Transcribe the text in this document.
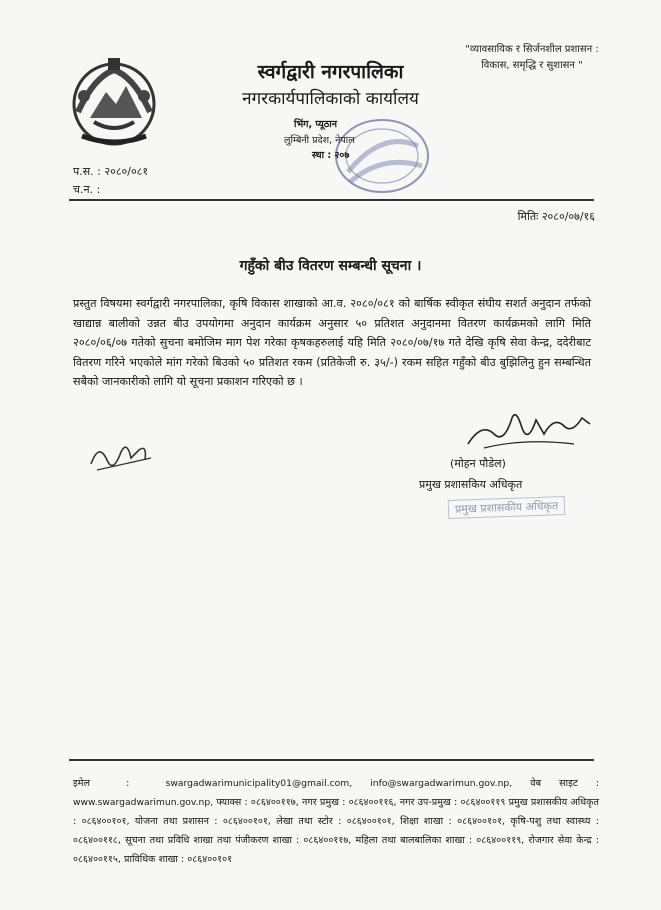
"व्यावसायिक र सिर्जनशील प्रशासन :
विकास, समृद्धि र सुशासन "
स्वर्गद्वारी नगरपालिका
नगरकार्यपालिकाको कार्यालय
भिंग, प्यूठान
लुम्बिनी प्रदेश, नेपाल
स्था : २०७
प.स. : २०८०/०८१
च.न. :
मितिः २०८०/०७/१६
गहुँको बीउ वितरण सम्बन्धी सूचना ।
प्रस्तुत विषयमा स्वर्गद्वारी नगरपालिका, कृषि विकास शाखाको आ.व. २०८०/०८१ को बार्षिक स्वीकृत संघीय सशर्त अनुदान तर्फको खाद्यान्न बालीको उन्नत बीउ उपयोगमा अनुदान कार्यक्रम अनुसार ५० प्रतिशत अनुदानमा वितरण कार्यक्रमको लागि मिति २०८०/०६/०७ गतेको सुचना बमोजिम माग पेश गरेका कृषकहरुलाई यहि मिति २०८०/०७/१७ गते देखि कृषि सेवा केन्द्र, ददेरीबाट वितरण गरिने भएकोले मांग गरेको बिउको ५० प्रतिशत रकम (प्रतिकेजी रु. ३५/-) रकम सहित गहुँको बीउ बुझिलिनु हुन सम्बन्धित सबैको जानकारीको लागि यो सूचना प्रकाशन गरिएको छ ।
(मोहन पौडेल)
प्रमुख प्रशासकिय अधिकृत
प्रमुख प्रशासकीय अधिकृत
इमेल  :  swargadwarimunicipality01@gmail.com, info@swargadwarimun.gov.np, वेब साइट : www.swargadwarimun.gov.np, फ्याक्स : ०८६४००११७, नगर प्रमुख : ०८६४००११६, नगर उप-प्रमुख : ०८६४००११९ प्रमुख प्रशासकीय अधिकृत : ०८६४००१०१, योजना तथा प्रशासन : ०८६४००१०१, लेखा तथा स्टोर : ०८६४००१०१, शिक्षा शाखा : ०८६४००१०१, कृषि-पशु तथा स्वास्थ्य : ०८६४००११८, सूचना तथा प्रविधि शाखा तथा पंजीकरण शाखा : ०८६४००११७, महिला तथा बालबालिका शाखा : ०८६४००११९, रोजगार सेवा केन्द्र : ०८६४००११५, प्राविधिक शाखा : ०८६४००१०१
